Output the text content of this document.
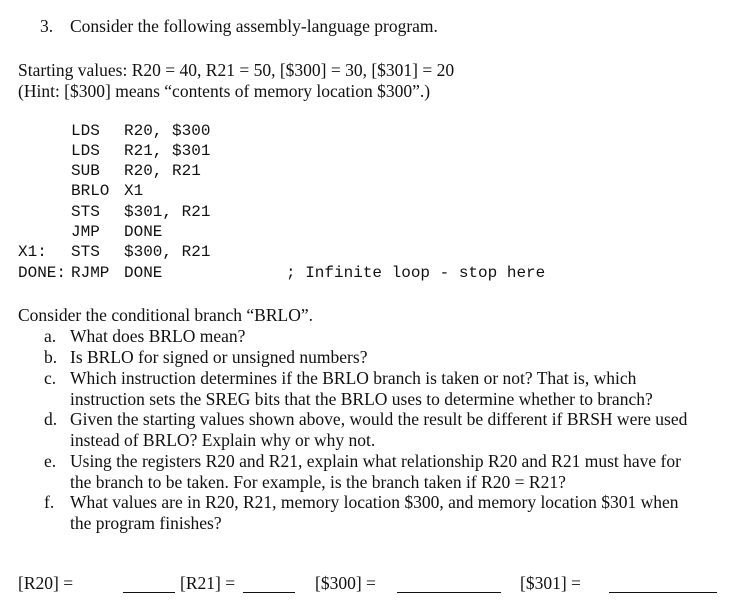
3. Consider the following assembly-language program.
Starting values: R20 = 40, R21 = 50, [$300] = 30, [$301] = 20
(Hint: [$300] means “contents of memory location $300”.)
LDS R20, $300
LDS R21, $301
SUB R20, R21
BRLO X1
STS $301, R21
JMP DONE
X1: STS $300, R21
DONE: RJMP DONE	; Infinite loop - stop here
Consider the conditional branch “BRLO”.
a. What does BRLO mean?
b. Is BRLO for signed or unsigned numbers?
c. Which instruction determines if the BRLO branch is taken or not? That is, which
instruction sets the SREG bits that the BRLO uses to determine whether to branch?
d. Given the starting values shown above, would the result be different if BRSH were used
instead of BRLO? Explain why or why not.
e. Using the registers R20 and R21, explain what relationship R20 and R21 must have for
the branch to be taken. For example, is the branch taken if R20 = R21?
f. What values are in R20, R21, memory location $300, and memory location $301 when
the program finishes?
[R20] =	[R21] =	[$300] =	[$301] =
